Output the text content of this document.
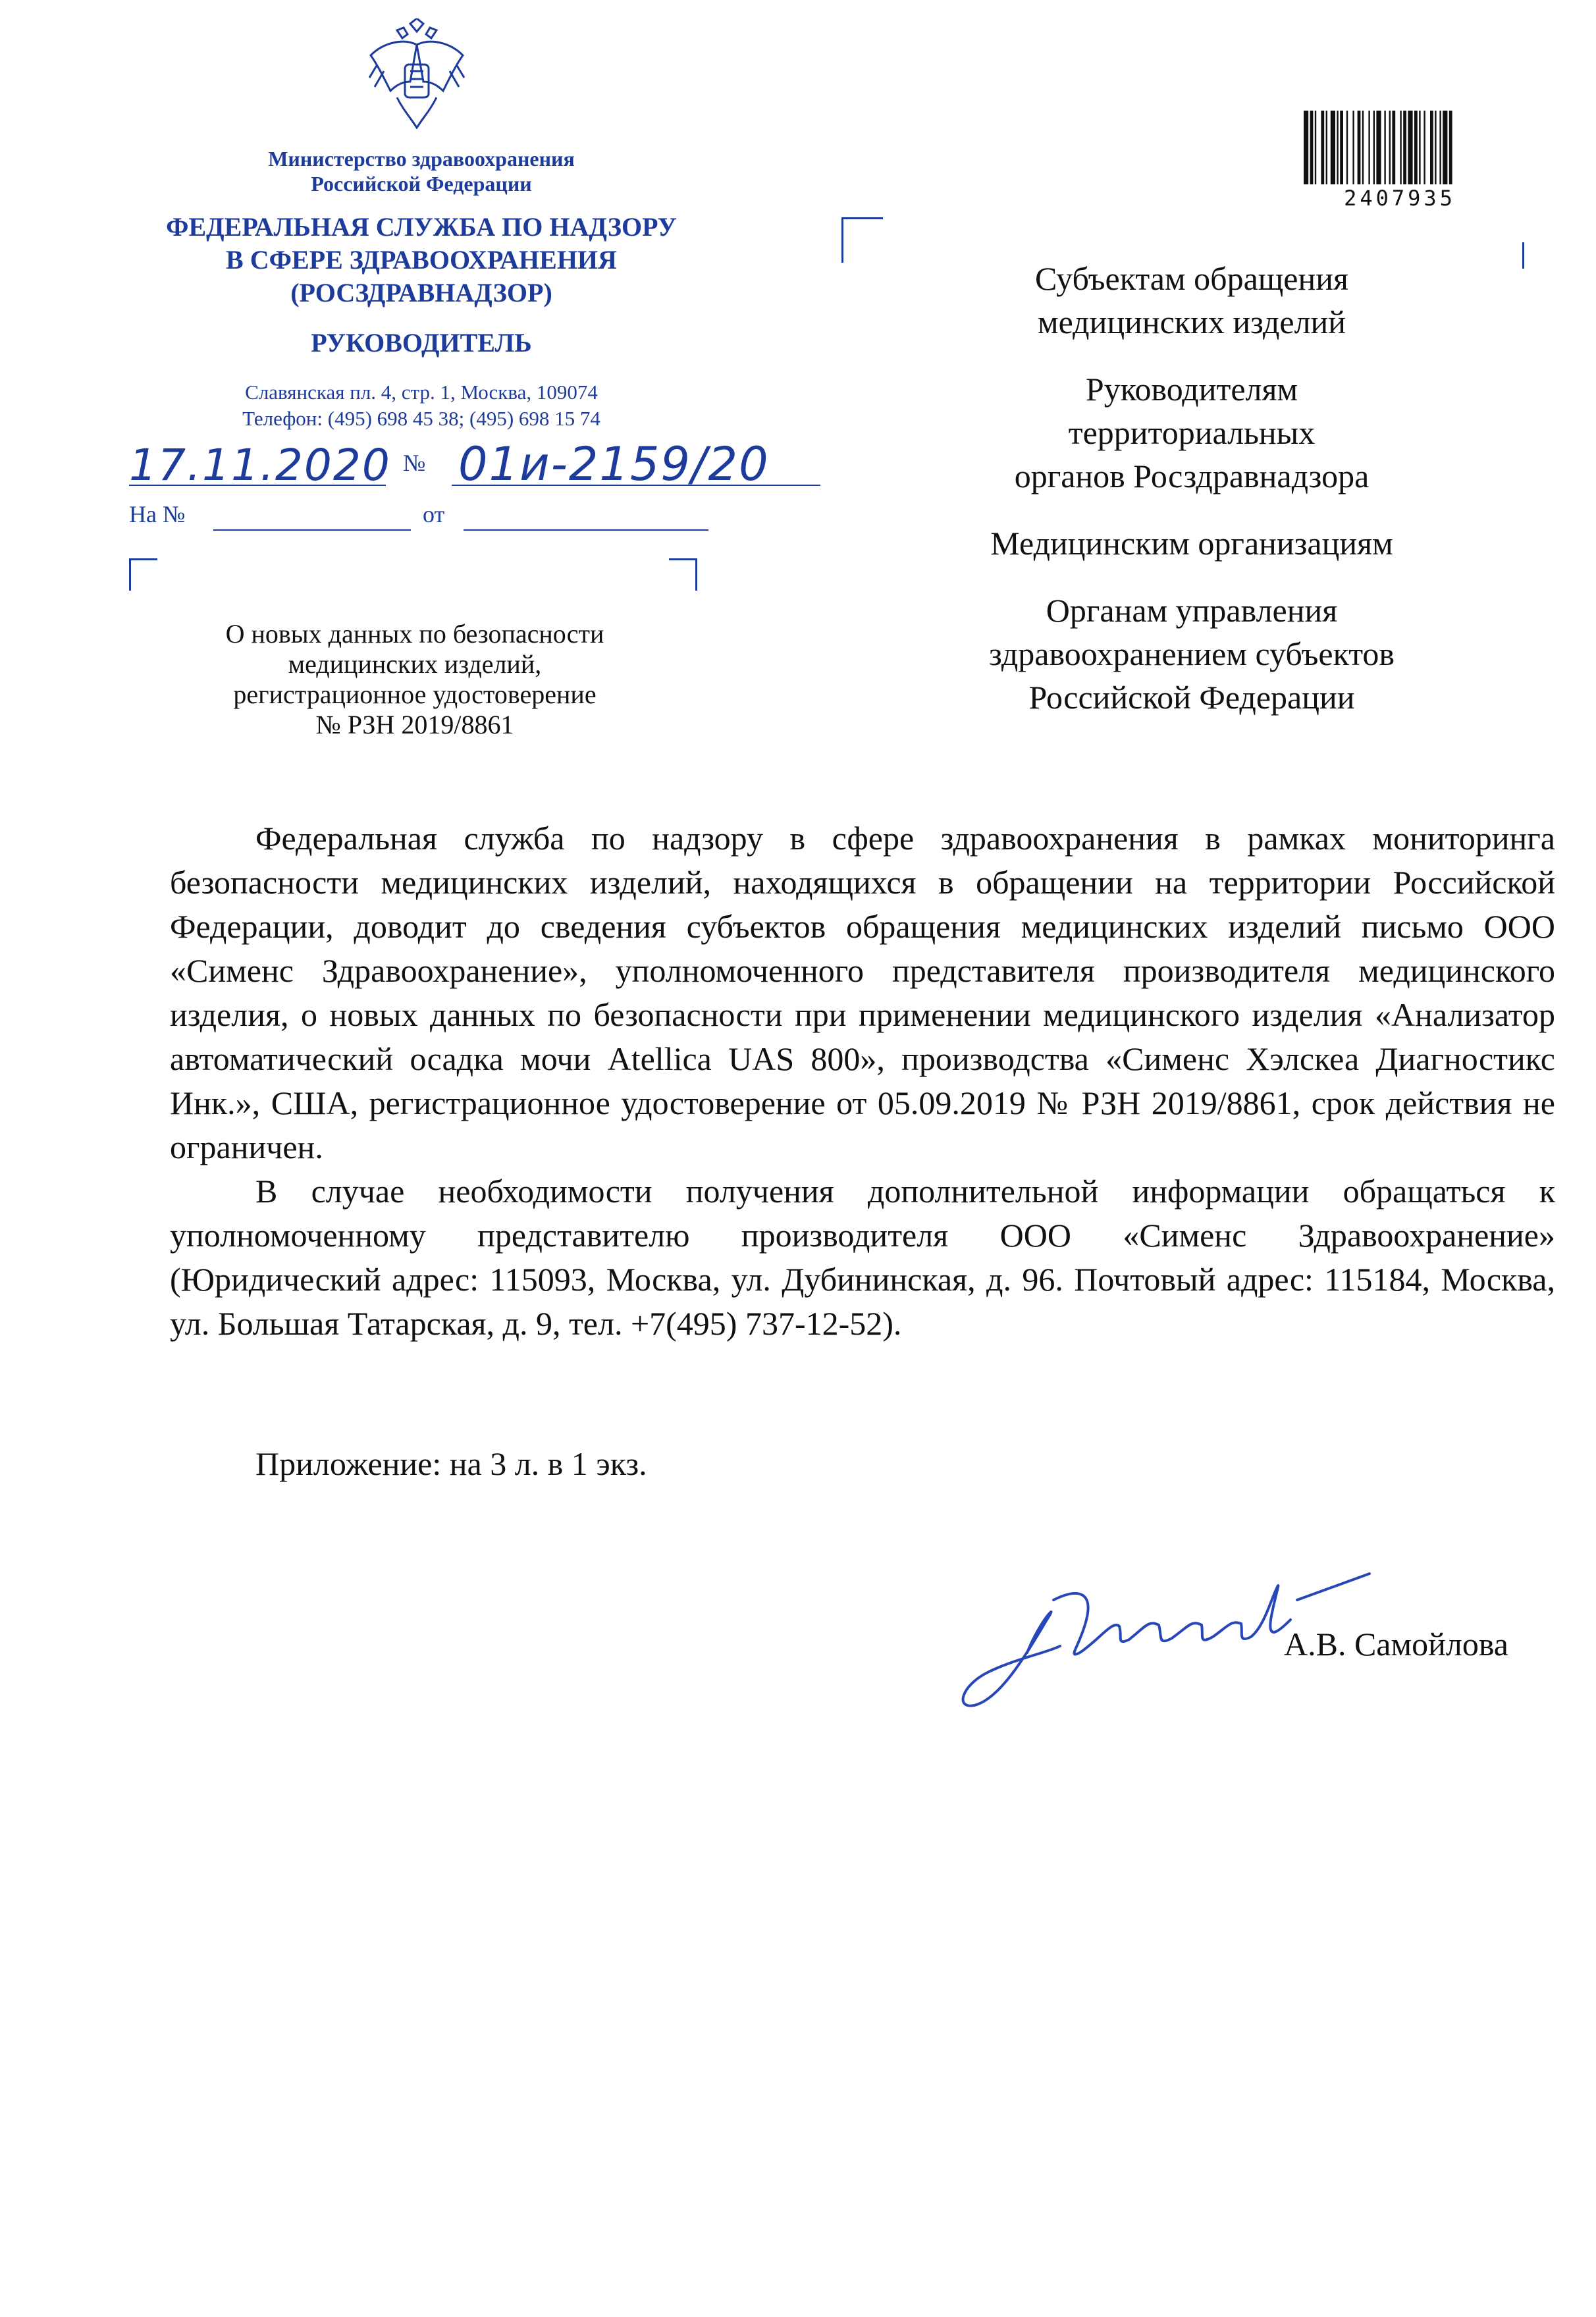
Министерство здравоохранения
Российской Федерации
ФЕДЕРАЛЬНАЯ СЛУЖБА ПО НАДЗОРУ
В СФЕРЕ ЗДРАВООХРАНЕНИЯ
(РОСЗДРАВНАДЗОР)
РУКОВОДИТЕЛЬ
Славянская пл. 4, стр. 1, Москва, 109074
Телефон: (495) 698 45 38; (495) 698 15 74
17.11.2020 № 01и-2159/20
На №	от
О новых данных по безопасности
медицинских изделий,
регистрационное удостоверение
№ РЗН 2019/8861
2407935
Субъектам обращения
медицинских изделий
Руководителям
территориальных
органов Росздравнадзора
Медицинским организациям
Органам управления
здравоохранением субъектов
Российской Федерации

Федеральная служба по надзору в сфере здравоохранения в рамках мониторинга безопасности медицинских изделий, находящихся в обращении на территории Российской Федерации, доводит до сведения субъектов обращения медицинских изделий письмо ООО «Сименс Здравоохранение», уполномоченного представителя производителя медицинского изделия, о новых данных по безопасности при применении медицинского изделия «Анализатор автоматический осадка мочи Atellica UAS 800», производства «Сименс Хэлскеа Диагностикс Инк.», США, регистрационное удостоверение от 05.09.2019 № РЗН 2019/8861, срок действия не ограничен.

В случае необходимости получения дополнительной информации обращаться к уполномоченному представителю производителя ООО «Сименс Здравоохранение» (Юридический адрес: 115093, Москва, ул. Дубининская, д. 96. Почтовый адрес: 115184, Москва, ул. Большая Татарская, д. 9, тел. +7(495) 737-12-52).

Приложение: на 3 л. в 1 экз.
А.В. Самойлова
